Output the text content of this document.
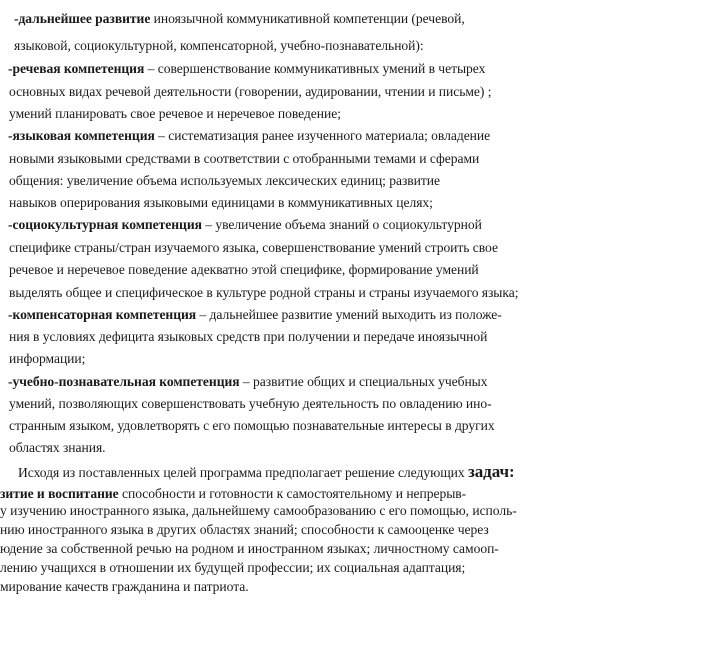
-дальнейшее развитие иноязычной коммуникативной компетенции (речевой,
языковой, социокультурной, компенсаторной, учебно-познавательной):
-речевая компетенция – совершенствование коммуникативных умений в четырех
основных видах речевой деятельности (говорении, аудировании, чтении и письме) ;
умений планировать свое речевое и неречевое поведение;
-языковая компетенция – систематизация ранее изученного материала; овладение
новыми языковыми средствами в соответствии с отобранными темами и сферами
общения: увеличение объема используемых лексических единиц; развитие
навыков оперирования языковыми единицами в коммуникативных целях;
-социокультурная компетенция – увеличение объема знаний о социокультурной
специфике страны/стран изучаемого языка, совершенствование умений строить свое
речевое и неречевое поведение адекватно этой специфике, формирование умений
выделять общее и специфическое в культуре родной страны и страны изучаемого языка;
-компенсаторная компетенция – дальнейшее развитие умений выходить из положе-
ния в условиях дефицита языковых средств при получении и передаче иноязычной
информации;
-учебно-познавательная компетенция – развитие общих и специальных учебных
умений, позволяющих совершенствовать учебную деятельность по овладению ино-
странным языком, удовлетворять с его помощью познавательные интересы в других
областях знания.
Исходя из поставленных целей программа предполагает решение следующих задач:
зитие и воспитание способности и готовности к самостоятельному и непрерыв-
у изучению иностранного языка, дальнейшему самообразованию с его помощью, исполь-
нию иностранного языка в других областях знаний; способности к самооценке через
юдение за собственной речью на родном и иностранном языках; личностному самооп-
лению учащихся в отношении их будущей профессии; их социальная адаптация;
мирование качеств гражданина и патриота.
